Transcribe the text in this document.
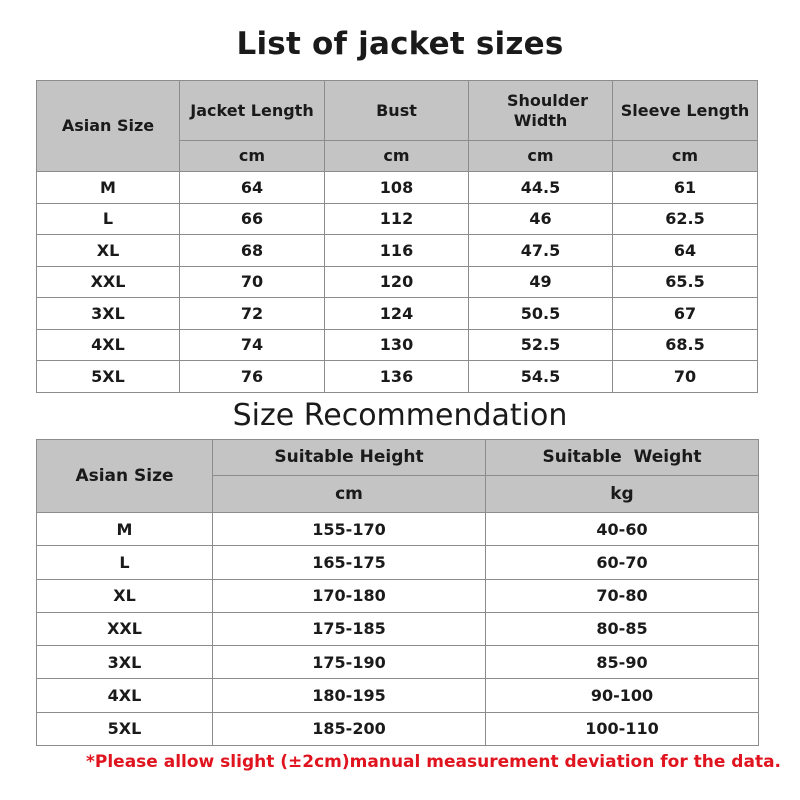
List of jacket sizes
Asian Size	Jacket Length	Bust	Shoulder Width	Sleeve Length
	cm	cm	cm	cm
M	64	108	44.5	61
L	66	112	46	62.5
XL	68	116	47.5	64
XXL	70	120	49	65.5
3XL	72	124	50.5	67
4XL	74	130	52.5	68.5
5XL	76	136	54.5	70
Size Recommendation
Asian Size	Suitable Height	Suitable  Weight
	cm	kg
M	155-170	40-60
L	165-175	60-70
XL	170-180	70-80
XXL	175-185	80-85
3XL	175-190	85-90
4XL	180-195	90-100
5XL	185-200	100-110
*Please allow slight (±2cm)manual measurement deviation for the data.
